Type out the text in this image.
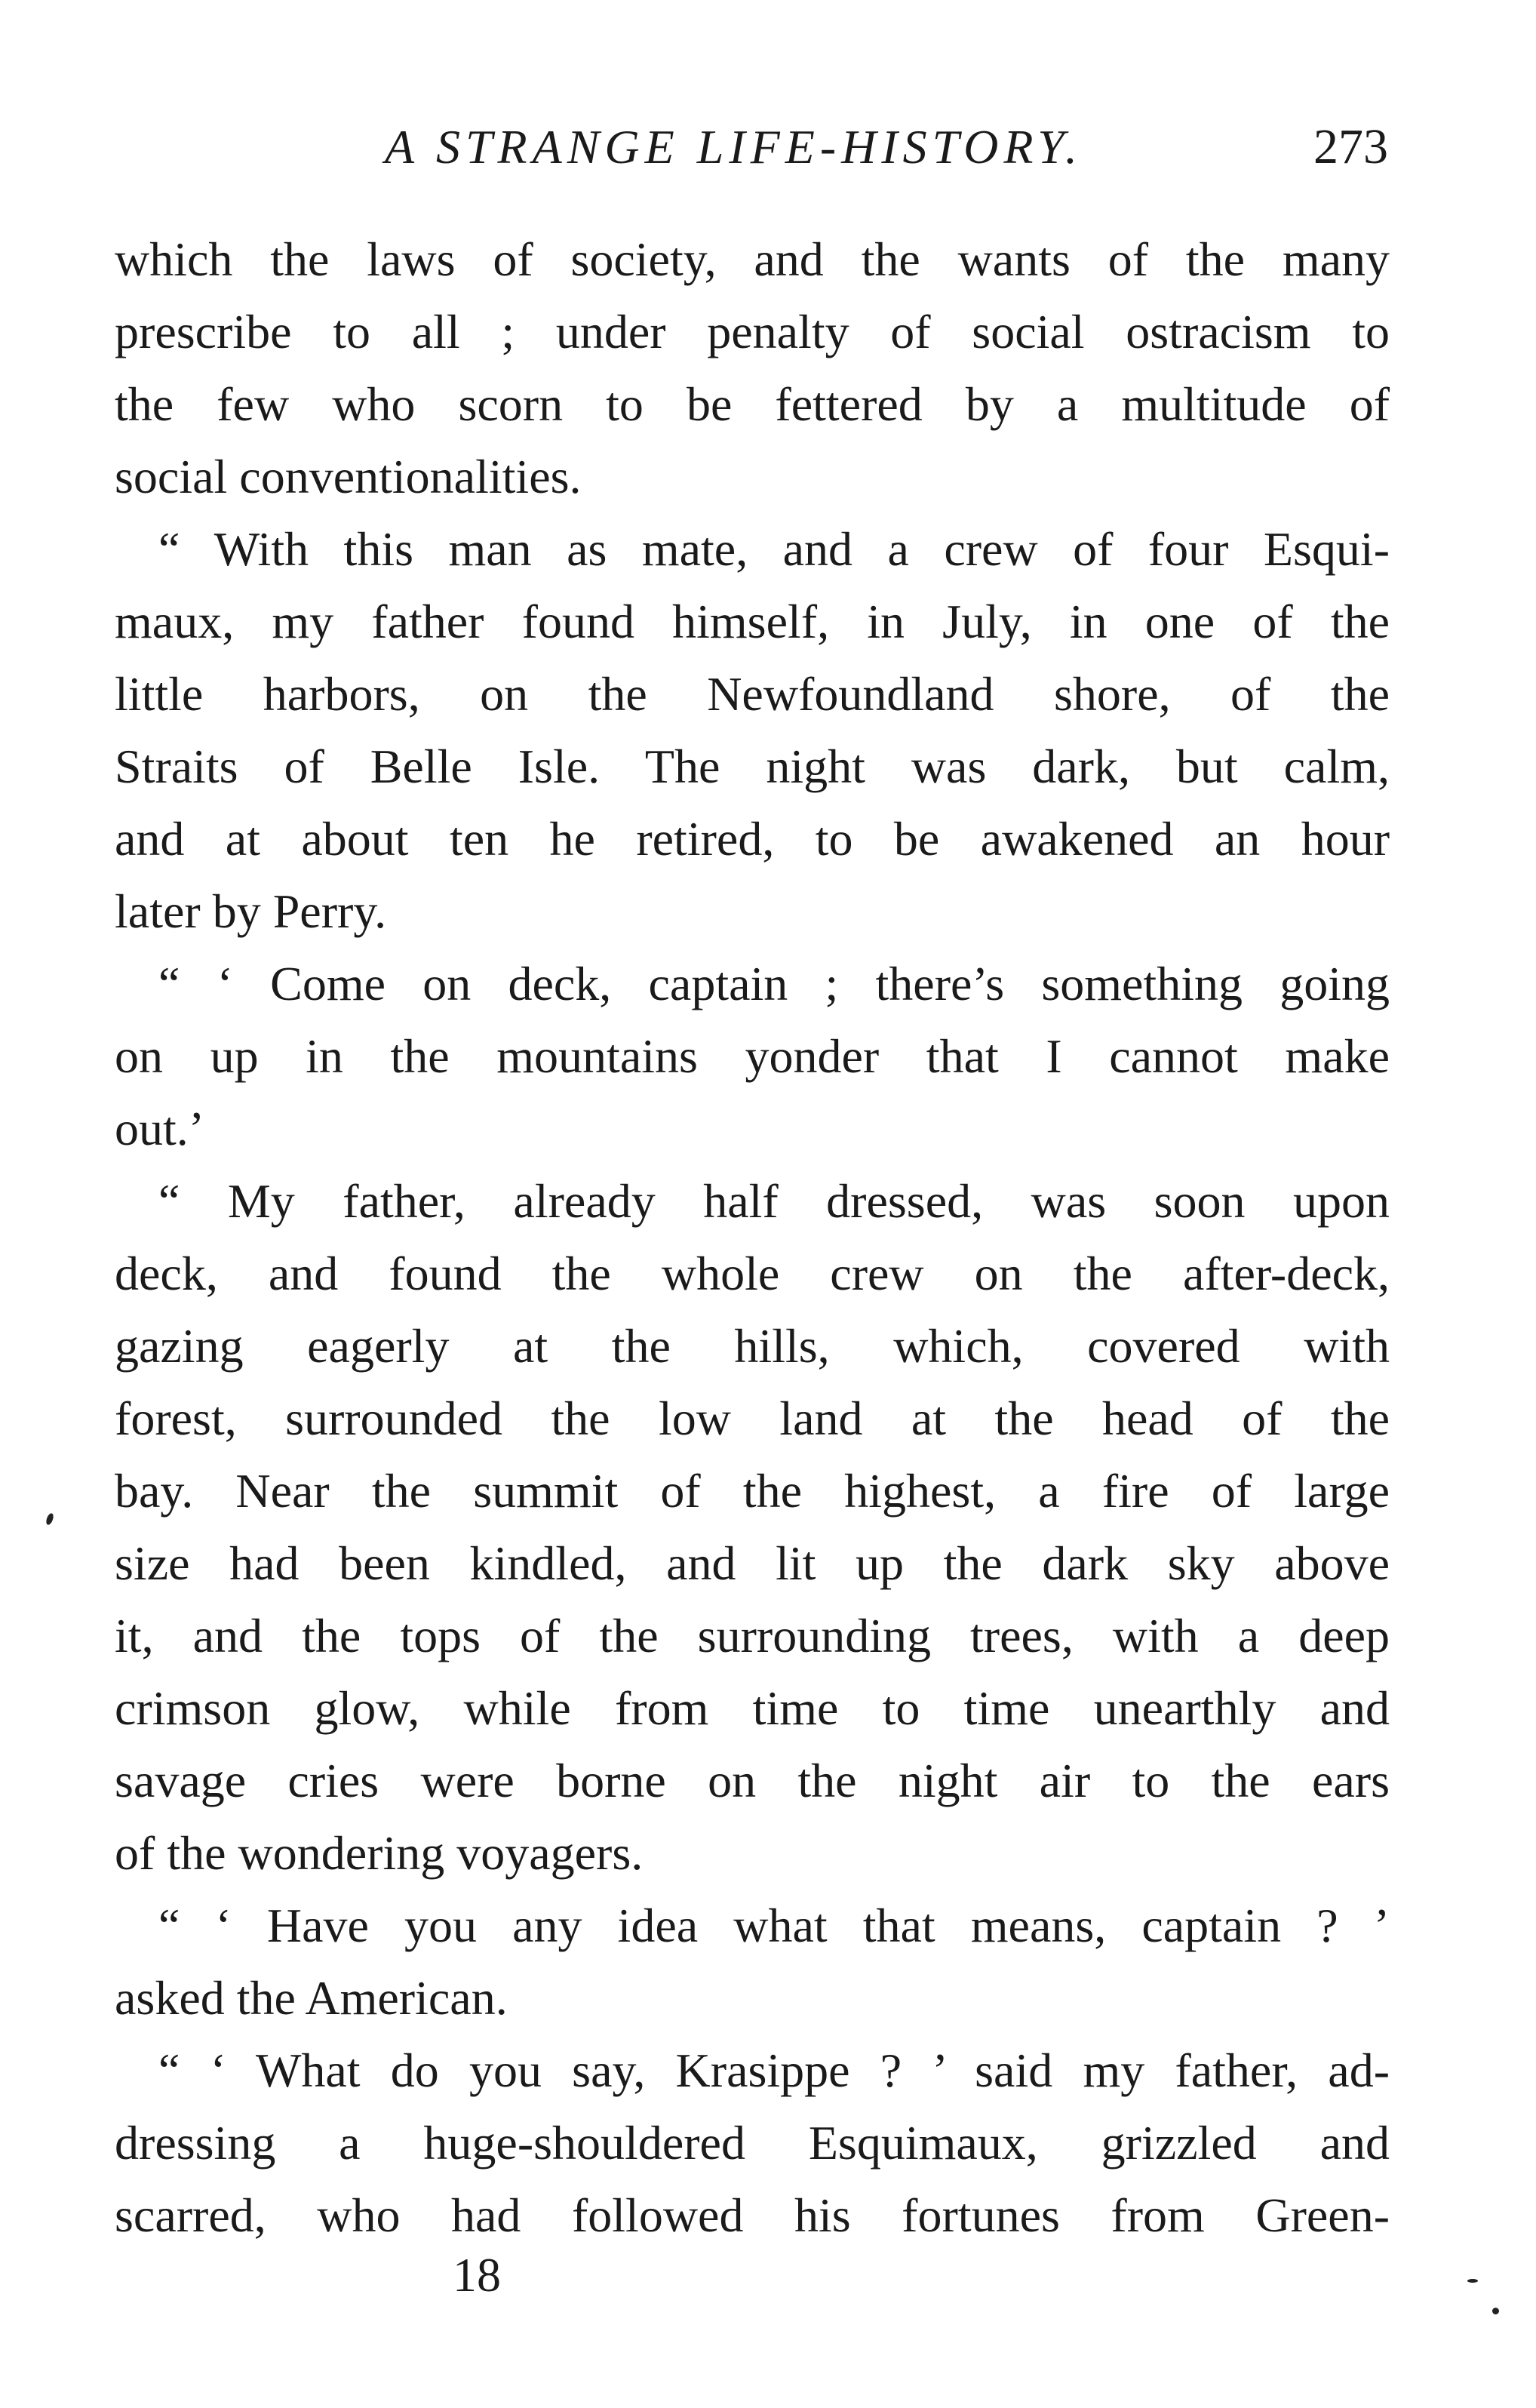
A STRANGE LIFE-HISTORY.	273
which the laws of society, and the wants of the many
prescribe to all ; under penalty of social ostracism to
the few who scorn to be fettered by a multitude of
social conventionalities.
“ With this man as mate, and a crew of four Esqui-
maux, my father found himself, in July, in one of the
little harbors, on the Newfoundland shore, of the
Straits of Belle Isle. The night was dark, but calm,
and at about ten he retired, to be awakened an hour
later by Perry.
“ ‘ Come on deck, captain ; there’s something going
on up in the mountains yonder that I cannot make
out.’
“ My father, already half dressed, was soon upon
deck, and found the whole crew on the after-deck,
gazing eagerly at the hills, which, covered with
forest, surrounded the low land at the head of the
bay. Near the summit of the highest, a fire of large
size had been kindled, and lit up the dark sky above
it, and the tops of the surrounding trees, with a deep
crimson glow, while from time to time unearthly and
savage cries were borne on the night air to the ears
of the wondering voyagers.
“ ‘ Have you any idea what that means, captain ? ’
asked the American.
“ ‘ What do you say, Krasippe ? ’ said my father, ad-
dressing a huge-shouldered Esquimaux, grizzled and
scarred, who had followed his fortunes from Green-
18
